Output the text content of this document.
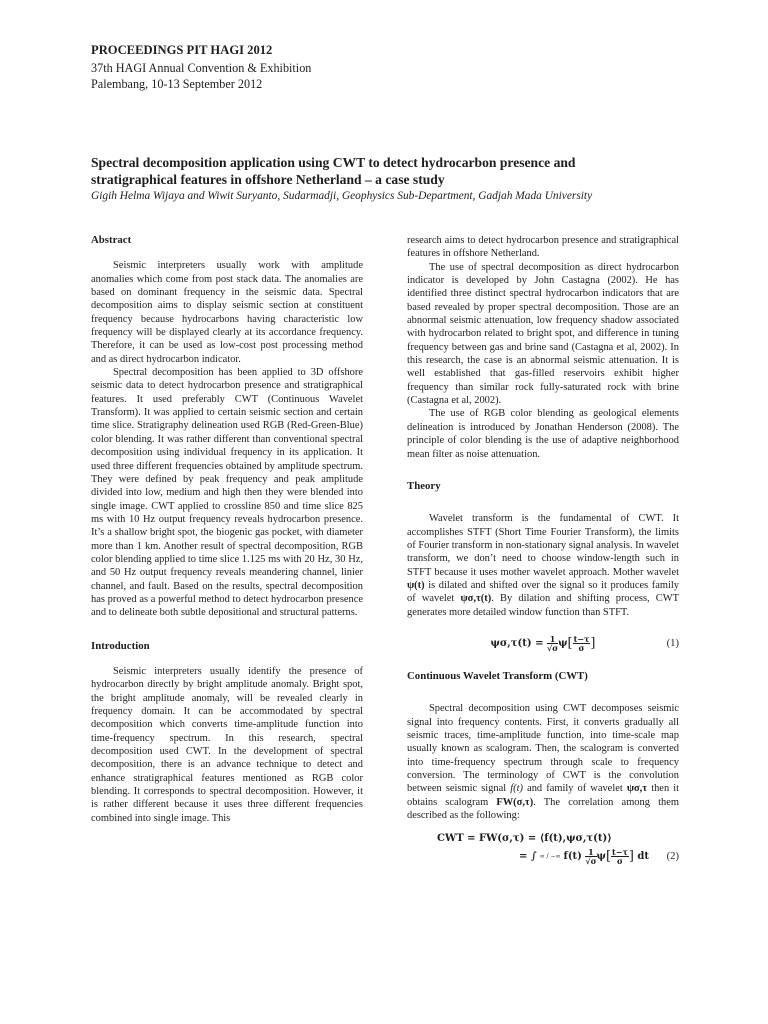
PROCEEDINGS PIT HAGI 2012
37th HAGI Annual Convention & Exhibition
Palembang, 10-13 September 2012
Spectral decomposition application using CWT to detect hydrocarbon presence and
stratigraphical features in offshore Netherland – a case study
Gigih Helma Wijaya and Wiwit Suryanto, Sudarmadji, Geophysics Sub-Department, Gadjah Mada University
Abstract

Seismic interpreters usually work with amplitude anomalies which come from post stack data. The anomalies are based on dominant frequency in the seismic data. Spectral decomposition aims to display seismic section at constituent frequency because hydrocarbons having characteristic low frequency will be displayed clearly at its accordance frequency. Therefore, it can be used as low-cost post processing method and as direct hydrocarbon indicator.

Spectral decomposition has been applied to 3D offshore seismic data to detect hydrocarbon presence and stratigraphical features. It used preferably CWT (Continuous Wavelet Transform). It was applied to certain seismic section and certain time slice. Stratigraphy delineation used RGB (Red-Green-Blue) color blending. It was rather different than conventional spectral decomposition using individual frequency in its application. It used three different frequencies obtained by amplitude spectrum. They were defined by peak frequency and peak amplitude divided into low, medium and high then they were blended into single image. CWT applied to crossline 850 and time slice 825 ms with 10 Hz output frequency reveals hydrocarbon presence. It’s a shallow bright spot, the biogenic gas pocket, with diameter more than 1 km. Another result of spectral decomposition, RGB color blending applied to time slice 1.125 ms with 20 Hz, 30 Hz, and 50 Hz output frequency reveals meandering channel, linier channel, and fault. Based on the results, spectral decomposition has proved as a powerful method to detect hydrocarbon presence and to delineate both subtle depositional and structural patterns.

Introduction

Seismic interpreters usually identify the presence of hydrocarbon directly by bright amplitude anomaly. Bright spot, the bright amplitude anomaly, will be revealed clearly in frequency domain. It can be accommodated by spectral decomposition which converts time-amplitude function into time-frequency spectrum. In this research, spectral decomposition used CWT. In the development of spectral decomposition, there is an advance technique to detect and enhance stratigraphical features mentioned as RGB color blending. It corresponds to spectral decomposition. However, it is rather different because it uses three different frequencies combined into single image. This

research aims to detect hydrocarbon presence and stratigraphical features in offshore Netherland.

The use of spectral decomposition as direct hydrocarbon indicator is developed by John Castagna (2002). He has identified three distinct spectral hydrocarbon indicators that are based revealed by proper spectral decomposition. Those are an abnormal seismic attenuation, low frequency shadow associated with hydrocarbon related to bright spot, and difference in tuning frequency between gas and brine sand (Castagna et al, 2002). In this research, the case is an abnormal seismic attenuation. It is well established that gas-filled reservoirs exhibit higher frequency than similar rock fully-saturated rock with brine (Castagna et al, 2002).

The use of RGB color blending as geological elements delineation is introduced by Jonathan Henderson (2008). The principle of color blending is the use of adaptive neighborhood mean filter as noise attenuation.

Theory

Wavelet transform is the fundamental of CWT. It accomplishes STFT (Short Time Fourier Transform), the limits of Fourier transform in non-stationary signal analysis. In wavelet transform, we don’t need to choose window-length such in STFT because it uses mother wavelet approach. Mother wavelet ψ(t) is dilated and shifted over the signal so it produces family of wavelet ψσ,τ(t). By dilation and shifting process, CWT generates more detailed window function than STFT.

$\psi\sigma,\tau(t) = \frac{1}{√\sigma} \psi[ \frac{t-\tau}{\sigma}$ ]	(1)
Continuous Wavelet Transform (CWT)

Spectral decomposition using CWT decomposes seismic signal into frequency contents. First, it converts gradually all seismic traces, time-amplitude function, into time-scale map usually known as scalogram. Then, the scalogram is converted into time-frequency spectrum through scale to frequency conversion. The terminology of CWT is the convolution between seismic signal f(t) and family of wavelet ψσ,τ then it obtains scalogram FW(σ,τ). The correlation among them described as the following:

CWT = FW(σ,τ) = ⟨f(t),ψσ,τ(t)⟩
= ∫ ∞ / −∞ f(t)
$\frac{1}{√\sigma}$ ψ [ $\frac{t-\tau}{\sigma}$ ]
dt (2)
